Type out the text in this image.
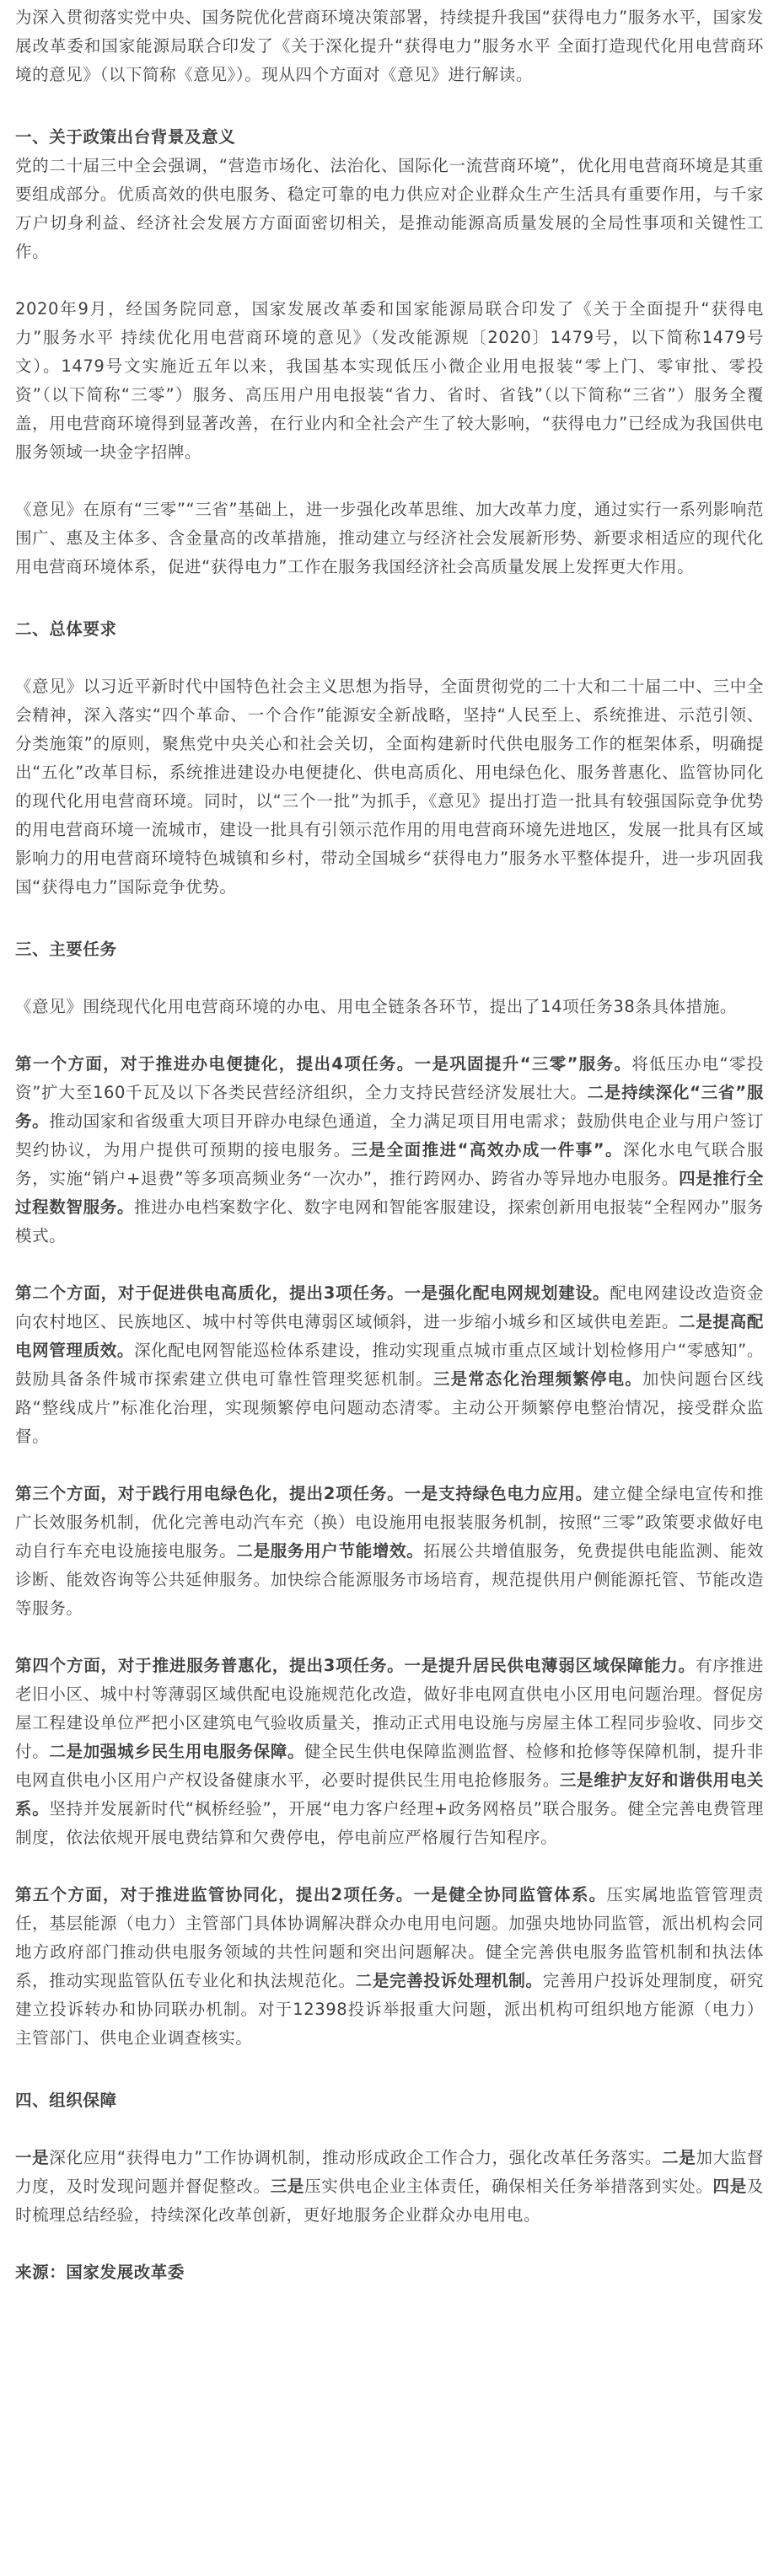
为深入贯彻落实党中央、国务院优化营商环境决策部署，持续提升我国“获得电力”服务水平，国家发展改革委和国家能源局联合印发了《关于深化提升“获得电力”服务水平 全面打造现代化用电营商环境的意见》（以下简称《意见》）。现从四个方面对《意见》进行解读。

一、关于政策出台背景及意义

党的二十届三中全会强调，“营造市场化、法治化、国际化一流营商环境”，优化用电营商环境是其重要组成部分。优质高效的供电服务、稳定可靠的电力供应对企业群众生产生活具有重要作用，与千家万户切身利益、经济社会发展方方面面密切相关，是推动能源高质量发展的全局性事项和关键性工作。

2020年9月，经国务院同意，国家发展改革委和国家能源局联合印发了《关于全面提升“获得电力”服务水平 持续优化用电营商环境的意见》（发改能源规〔2020〕1479号，以下简称1479号文）。1479号文实施近五年以来，我国基本实现低压小微企业用电报装“零上门、零审批、零投资”（以下简称“三零”）服务、高压用户用电报装“省力、省时、省钱”（以下简称“三省”）服务全覆盖，用电营商环境得到显著改善，在行业内和全社会产生了较大影响，“获得电力”已经成为我国供电服务领域一块金字招牌。

《意见》在原有“三零”“三省”基础上，进一步强化改革思维、加大改革力度，通过实行一系列影响范围广、惠及主体多、含金量高的改革措施，推动建立与经济社会发展新形势、新要求相适应的现代化用电营商环境体系，促进“获得电力”工作在服务我国经济社会高质量发展上发挥更大作用。

二、总体要求

《意见》以习近平新时代中国特色社会主义思想为指导，全面贯彻党的二十大和二十届二中、三中全会精神，深入落实“四个革命、一个合作”能源安全新战略，坚持“人民至上、系统推进、示范引领、分类施策”的原则，聚焦党中央关心和社会关切，全面构建新时代供电服务工作的框架体系，明确提出“五化”改革目标，系统推进建设办电便捷化、供电高质化、用电绿色化、服务普惠化、监管协同化的现代化用电营商环境。同时，以“三个一批”为抓手，《意见》提出打造一批具有较强国际竞争优势的用电营商环境一流城市，建设一批具有引领示范作用的用电营商环境先进地区，发展一批具有区域影响力的用电营商环境特色城镇和乡村，带动全国城乡“获得电力”服务水平整体提升，进一步巩固我国“获得电力”国际竞争优势。

三、主要任务

《意见》围绕现代化用电营商环境的办电、用电全链条各环节，提出了14项任务38条具体措施。

第一个方面，对于推进办电便捷化，提出4项任务。一是巩固提升“三零”服务。将低压办电“零投资”扩大至160千瓦及以下各类民营经济组织，全力支持民营经济发展壮大。二是持续深化“三省”服务。推动国家和省级重大项目开辟办电绿色通道，全力满足项目用电需求；鼓励供电企业与用户签订契约协议，为用户提供可预期的接电服务。三是全面推进“高效办成一件事”。深化水电气联合服务，实施“销户+退费”等多项高频业务“一次办”，推行跨网办、跨省办等异地办电服务。四是推行全过程数智服务。推进办电档案数字化、数字电网和智能客服建设，探索创新用电报装“全程网办”服务模式。

第二个方面，对于促进供电高质化，提出3项任务。一是强化配电网规划建设。配电网建设改造资金向农村地区、民族地区、城中村等供电薄弱区域倾斜，进一步缩小城乡和区域供电差距。二是提高配电网管理质效。深化配电网智能巡检体系建设，推动实现重点城市重点区域计划检修用户“零感知”。鼓励具备条件城市探索建立供电可靠性管理奖惩机制。三是常态化治理频繁停电。加快问题台区线路“整线成片”标准化治理，实现频繁停电问题动态清零。主动公开频繁停电整治情况，接受群众监督。

第三个方面，对于践行用电绿色化，提出2项任务。一是支持绿色电力应用。建立健全绿电宣传和推广长效服务机制，优化完善电动汽车充（换）电设施用电报装服务机制，按照“三零”政策要求做好电动自行车充电设施接电服务。二是服务用户节能增效。拓展公共增值服务，免费提供电能监测、能效诊断、能效咨询等公共延伸服务。加快综合能源服务市场培育，规范提供用户侧能源托管、节能改造等服务。

第四个方面，对于推进服务普惠化，提出3项任务。一是提升居民供电薄弱区域保障能力。有序推进老旧小区、城中村等薄弱区域供配电设施规范化改造，做好非电网直供电小区用电问题治理。督促房屋工程建设单位严把小区建筑电气验收质量关，推动正式用电设施与房屋主体工程同步验收、同步交付。二是加强城乡民生用电服务保障。健全民生供电保障监测监督、检修和抢修等保障机制，提升非电网直供电小区用户产权设备健康水平，必要时提供民生用电抢修服务。三是维护友好和谐供用电关系。坚持并发展新时代“枫桥经验”，开展“电力客户经理+政务网格员”联合服务。健全完善电费管理制度，依法依规开展电费结算和欠费停电，停电前应严格履行告知程序。

第五个方面，对于推进监管协同化，提出2项任务。一是健全协同监管体系。压实属地监管管理责任，基层能源（电力）主管部门具体协调解决群众办电用电问题。加强央地协同监管，派出机构会同地方政府部门推动供电服务领域的共性问题和突出问题解决。健全完善供电服务监管机制和执法体系，推动实现监管队伍专业化和执法规范化。二是完善投诉处理机制。完善用户投诉处理制度，研究建立投诉转办和协同联办机制。对于12398投诉举报重大问题，派出机构可组织地方能源（电力）主管部门、供电企业调查核实。

四、组织保障

一是深化应用“获得电力”工作协调机制，推动形成政企工作合力，强化改革任务落实。二是加大监督力度，及时发现问题并督促整改。三是压实供电企业主体责任，确保相关任务举措落到实处。四是及时梳理总结经验，持续深化改革创新，更好地服务企业群众办电用电。

来源：国家发展改革委
